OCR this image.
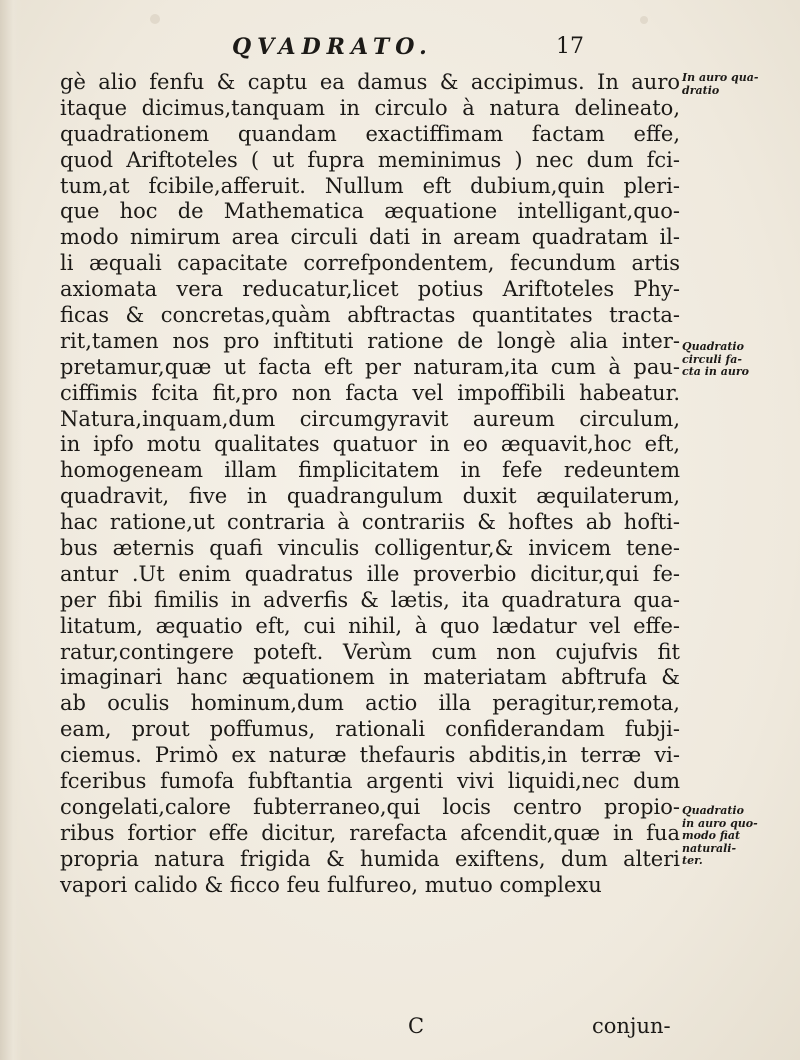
QVADRATO.	17
gè alio fenfu & captu ea damus & accipimus. In auro
itaque dicimus,tanquam in circulo à natura delineato,
quadrationem quandam exactiffimam factam effe,
quod Ariftoteles ( ut fupra meminimus ) nec dum fci-
tum,at fcibile,afferuit. Nullum eft dubium,quin pleri-
que hoc de Mathematica æquatione intelligant,quo-
modo nimirum area circuli dati in aream quadratam il-
li æquali capacitate correfpondentem, fecundum artis
axiomata vera reducatur,licet potius Ariftoteles Phy-
ficas & concretas,quàm abftractas quantitates tracta-
rit,tamen nos pro inftituti ratione de longè alia inter-
pretamur,quæ ut facta eft per naturam,ita cum à pau-
ciffimis fcita fit,pro non facta vel impoffibili habeatur.
Natura,inquam,dum circumgyravit aureum circulum,
in ipfo motu qualitates quatuor in eo æquavit,hoc eft,
homogeneam illam fimplicitatem in fefe redeuntem
quadravit, five in quadrangulum duxit æquilaterum,
hac ratione,ut contraria à contrariis & hoftes ab hofti-
bus æternis quafi vinculis colligentur,& invicem tene-
antur .Ut enim quadratus ille proverbio dicitur,qui fe-
per fibi fimilis in adverfis & lætis, ita quadratura qua-
litatum, æquatio eft, cui nihil, à quo lædatur vel effe-
ratur,contingere poteft. Verùm cum non cujufvis fit
imaginari hanc æquationem in materiatam abftrufa &
ab oculis hominum,dum actio illa peragitur,remota,
eam, prout poffumus, rationali confiderandam fubji-
ciemus. Primò ex naturæ thefauris abditis,in terræ vi-
fceribus fumofa fubftantia argenti vivi liquidi,nec dum
congelati,calore fubterraneo,qui locis centro propio-
ribus fortior effe dicitur, rarefacta afcendit,quæ in fua
propria natura frigida & humida exiftens, dum alteri
vapori calido & ficco feu fulfureo, mutuo complexu
In auro qua-
dratio
Quadratio
circuli fa-
cta in auro
Quadratio
in auro quo-
modo fiat
naturali-
ter.
C	conjun-
